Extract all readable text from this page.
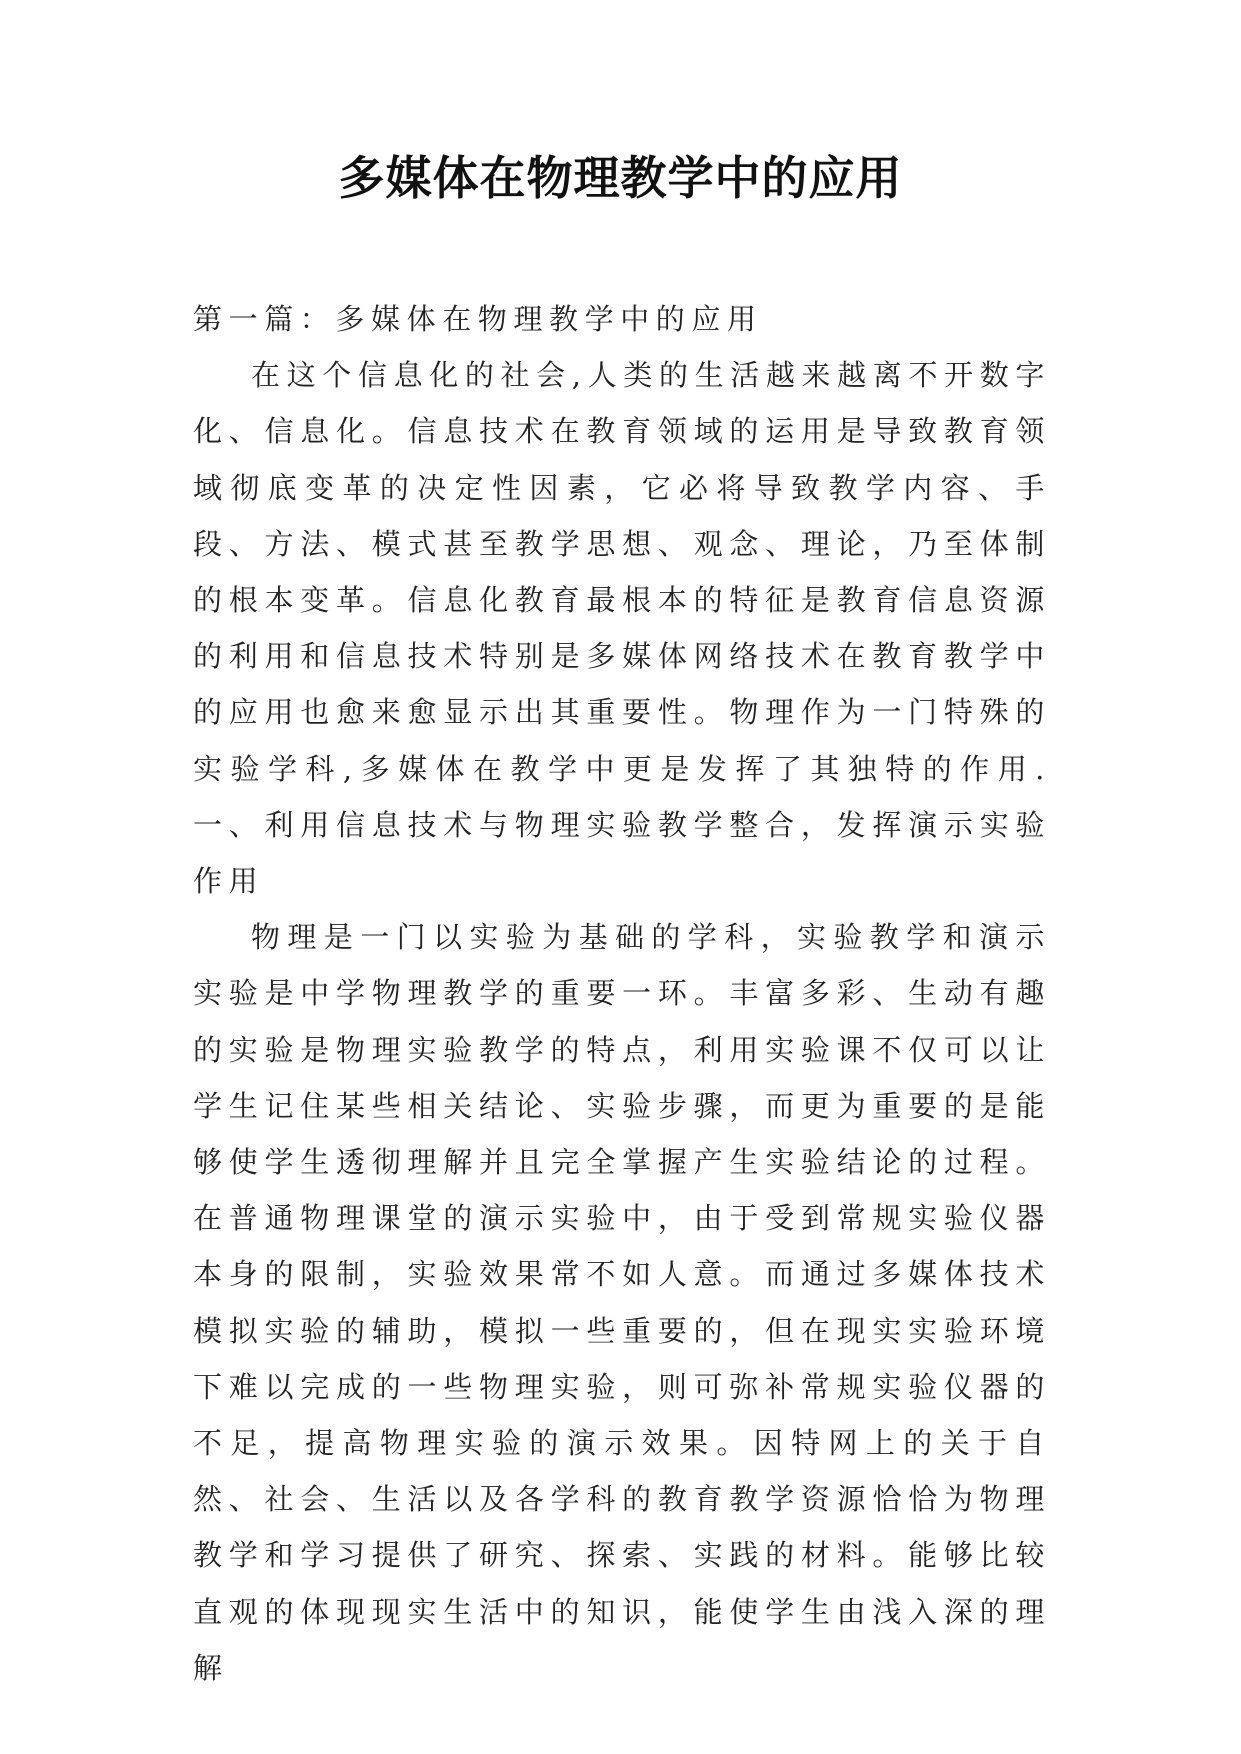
多媒体在物理教学中的应用

第一篇：多媒体在物理教学中的应用

在这个信息化的社会,人类的生活越来越离不开数字化、信息化。信息技术在教育领域的运用是导致教育领域彻底变革的决定性因素，它必将导致教学内容、手段、方法、模式甚至教学思想、观念、理论，乃至体制的根本变革。信息化教育最根本的特征是教育信息资源的利用和信息技术特别是多媒体网络技术在教育教学中的应用也愈来愈显示出其重要性。物理作为一门特殊的实验学科,多媒体在教学中更是发挥了其独特的作用.一、利用信息技术与物理实验教学整合，发挥演示实验作用

物理是一门以实验为基础的学科，实验教学和演示实验是中学物理教学的重要一环。丰富多彩、生动有趣的实验是物理实验教学的特点，利用实验课不仅可以让学生记住某些相关结论、实验步骤，而更为重要的是能够使学生透彻理解并且完全掌握产生实验结论的过程。在普通物理课堂的演示实验中，由于受到常规实验仪器本身的限制，实验效果常不如人意。而通过多媒体技术模拟实验的辅助，模拟一些重要的，但在现实实验环境下难以完成的一些物理实验，则可弥补常规实验仪器的不足，提高物理实验的演示效果。因特网上的关于自然、社会、生活以及各学科的教育教学资源恰恰为物理教学和学习提供了研究、探索、实践的材料。能够比较直观的体现现实生活中的知识，能使学生由浅入深的理解
